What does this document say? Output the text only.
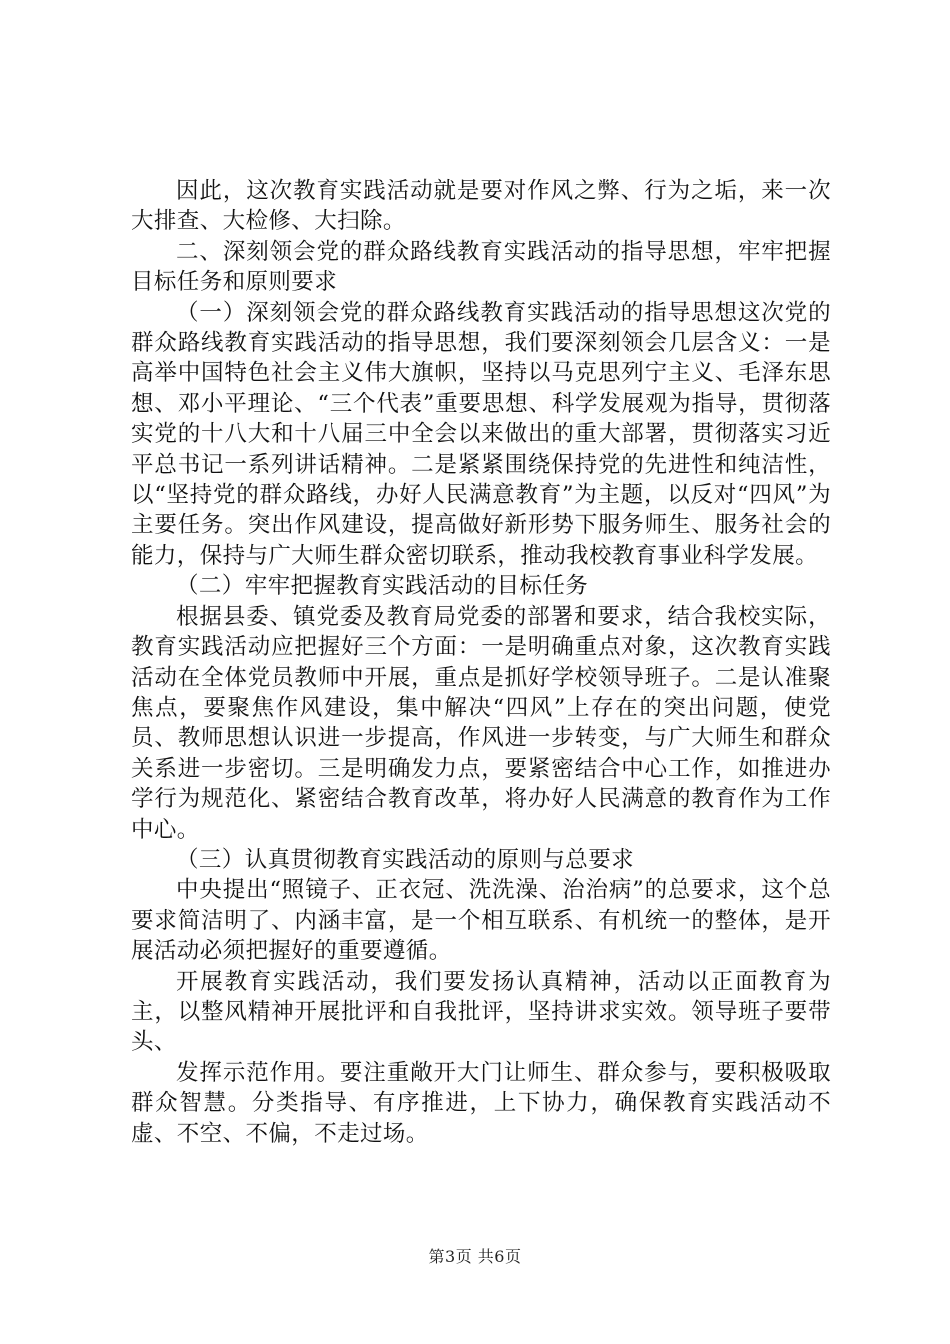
因此，这次教育实践活动就是要对作风之弊、行为之垢，来一次大排查、大检修、大扫除。

二、深刻领会党的群众路线教育实践活动的指导思想，牢牢把握目标任务和原则要求

（一）深刻领会党的群众路线教育实践活动的指导思想这次党的群众路线教育实践活动的指导思想，我们要深刻领会几层含义：一是高举中国特色社会主义伟大旗帜，坚持以马克思列宁主义、毛泽东思想、邓小平理论、“三个代表”重要思想、科学发展观为指导，贯彻落实党的十八大和十八届三中全会以来做出的重大部署，贯彻落实习近平总书记一系列讲话精神。二是紧紧围绕保持党的先进性和纯洁性，以“坚持党的群众路线，办好人民满意教育”为主题，以反对“四风”为主要任务。突出作风建设，提高做好新形势下服务师生、服务社会的能力，保持与广大师生群众密切联系，推动我校教育事业科学发展。

（二）牢牢把握教育实践活动的目标任务

根据县委、镇党委及教育局党委的部署和要求，结合我校实际，教育实践活动应把握好三个方面：一是明确重点对象，这次教育实践活动在全体党员教师中开展，重点是抓好学校领导班子。二是认准聚焦点，要聚焦作风建设，集中解决“四风”上存在的突出问题，使党员、教师思想认识进一步提高，作风进一步转变，与广大师生和群众关系进一步密切。三是明确发力点，要紧密结合中心工作，如推进办学行为规范化、紧密结合教育改革，将办好人民满意的教育作为工作中心。

（三）认真贯彻教育实践活动的原则与总要求

中央提出“照镜子、正衣冠、洗洗澡、治治病”的总要求，这个总要求简洁明了、内涵丰富，是一个相互联系、有机统一的整体，是开展活动必须把握好的重要遵循。

开展教育实践活动，我们要发扬认真精神，活动以正面教育为主，以整风精神开展批评和自我批评，坚持讲求实效。领导班子要带头、

发挥示范作用。要注重敞开大门让师生、群众参与，要积极吸取群众智慧。分类指导、有序推进，上下协力，确保教育实践活动不虚、不空、不偏，不走过场。

第3页 共6页
